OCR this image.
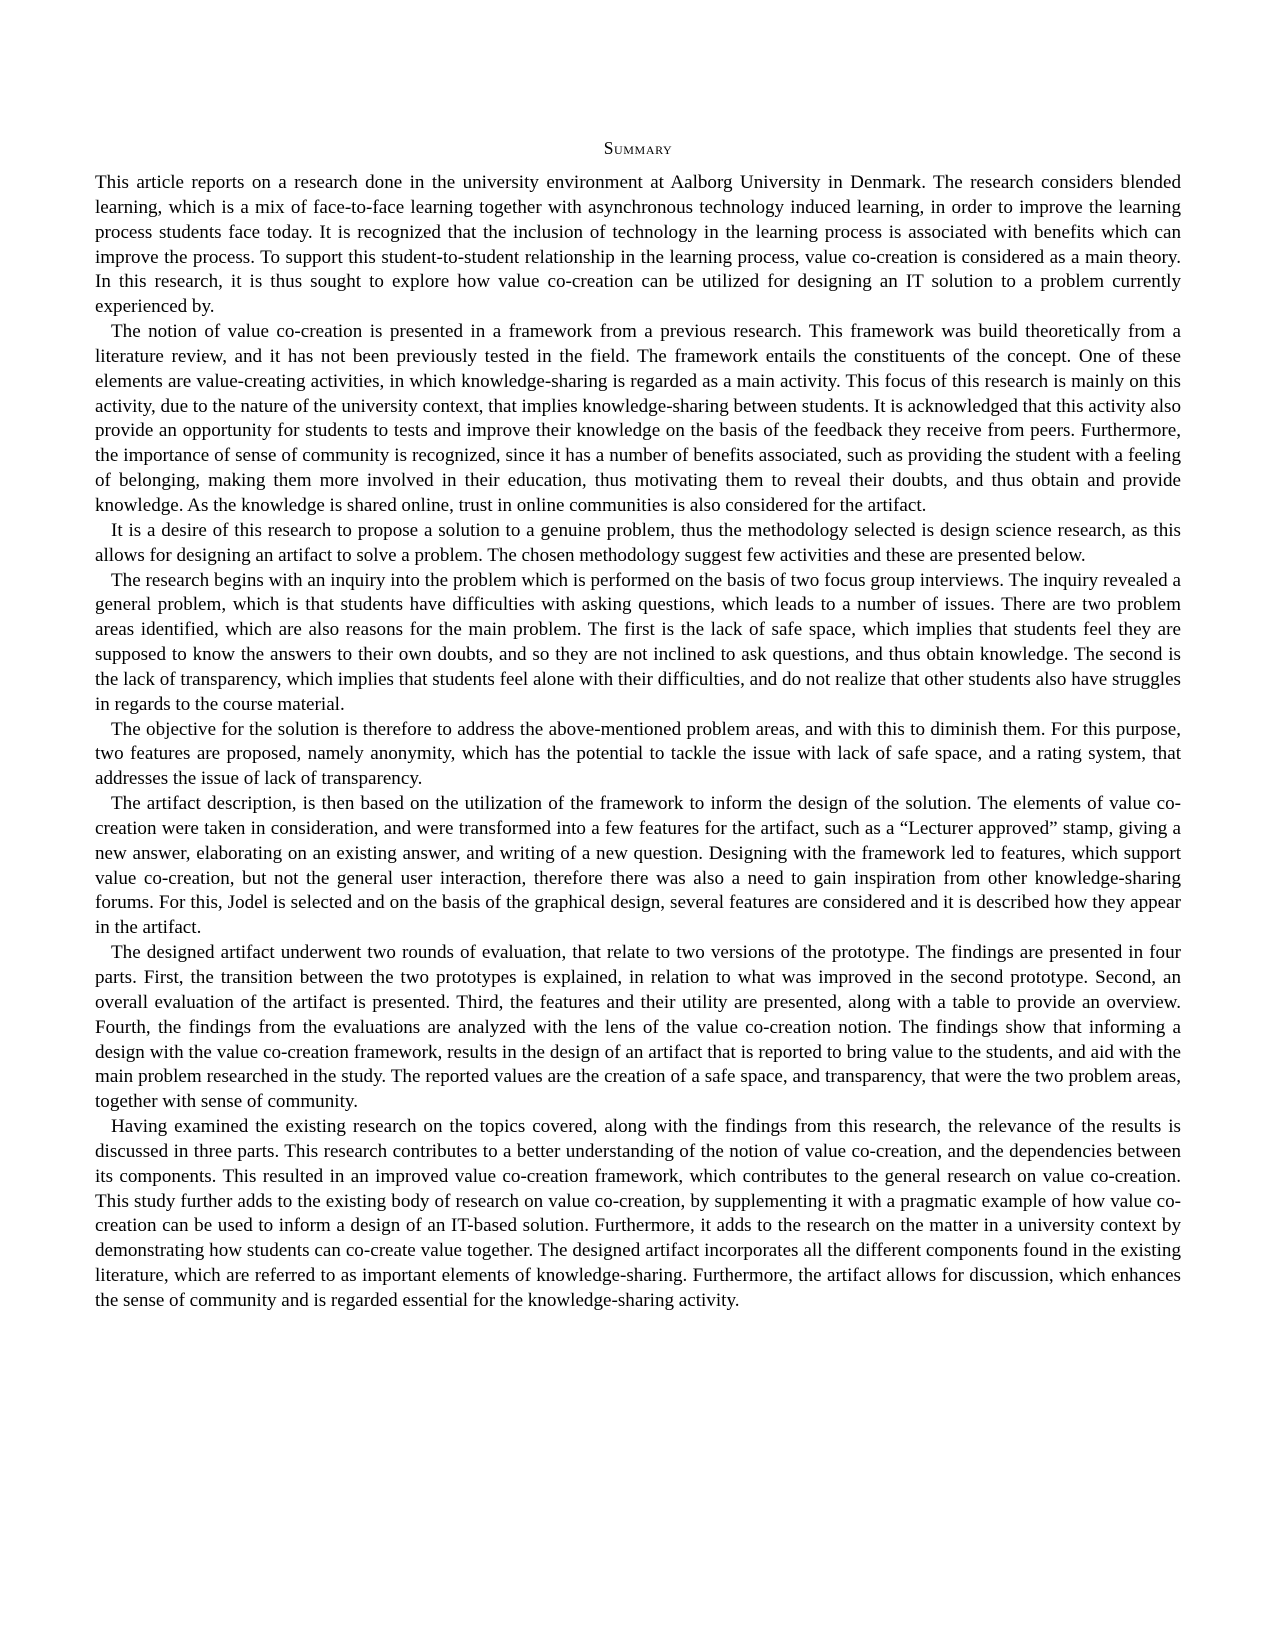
Summary

This article reports on a research done in the university environment at Aalborg University in Denmark. The research considers blended learning, which is a mix of face-to-face learning together with asynchronous technology induced learning, in order to improve the learning process students face today. It is recognized that the inclusion of technology in the learning process is associated with benefits which can improve the process. To support this student-to-student relationship in the learning process, value co-creation is considered as a main theory. In this research, it is thus sought to explore how value co-creation can be utilized for designing an IT solution to a problem currently experienced by.

The notion of value co-creation is presented in a framework from a previous research. This framework was build theoretically from a literature review, and it has not been previously tested in the field. The framework entails the constituents of the concept. One of these elements are value-creating activities, in which knowledge-sharing is regarded as a main activity. This focus of this research is mainly on this activity, due to the nature of the university context, that implies knowledge-sharing between students. It is acknowledged that this activity also provide an opportunity for students to tests and improve their knowledge on the basis of the feedback they receive from peers. Furthermore, the importance of sense of community is recognized, since it has a number of benefits associated, such as providing the student with a feeling of belonging, making them more involved in their education, thus motivating them to reveal their doubts, and thus obtain and provide knowledge. As the knowledge is shared online, trust in online communities is also considered for the artifact.

It is a desire of this research to propose a solution to a genuine problem, thus the methodology selected is design science research, as this allows for designing an artifact to solve a problem. The chosen methodology suggest few activities and these are presented below.

The research begins with an inquiry into the problem which is performed on the basis of two focus group interviews. The inquiry revealed a general problem, which is that students have difficulties with asking questions, which leads to a number of issues. There are two problem areas identified, which are also reasons for the main problem. The first is the lack of safe space, which implies that students feel they are supposed to know the answers to their own doubts, and so they are not inclined to ask questions, and thus obtain knowledge. The second is the lack of transparency, which implies that students feel alone with their difficulties, and do not realize that other students also have struggles in regards to the course material.

The objective for the solution is therefore to address the above-mentioned problem areas, and with this to diminish them. For this purpose, two features are proposed, namely anonymity, which has the potential to tackle the issue with lack of safe space, and a rating system, that addresses the issue of lack of transparency.

The artifact description, is then based on the utilization of the framework to inform the design of the solution. The elements of value co-creation were taken in consideration, and were transformed into a few features for the artifact, such as a “Lecturer approved” stamp, giving a new answer, elaborating on an existing answer, and writing of a new question. Designing with the framework led to features, which support value co-creation, but not the general user interaction, therefore there was also a need to gain inspiration from other knowledge-sharing forums. For this, Jodel is selected and on the basis of the graphical design, several features are considered and it is described how they appear in the artifact.

The designed artifact underwent two rounds of evaluation, that relate to two versions of the prototype. The findings are presented in four parts. First, the transition between the two prototypes is explained, in relation to what was improved in the second prototype. Second, an overall evaluation of the artifact is presented. Third, the features and their utility are presented, along with a table to provide an overview. Fourth, the findings from the evaluations are analyzed with the lens of the value co-creation notion. The findings show that informing a design with the value co-creation framework, results in the design of an artifact that is reported to bring value to the students, and aid with the main problem researched in the study. The reported values are the creation of a safe space, and transparency, that were the two problem areas, together with sense of community.

Having examined the existing research on the topics covered, along with the findings from this research, the relevance of the results is discussed in three parts. This research contributes to a better understanding of the notion of value co-creation, and the dependencies between its components. This resulted in an improved value co-creation framework, which contributes to the general research on value co-creation. This study further adds to the existing body of research on value co-creation, by supplementing it with a pragmatic example of how value co-creation can be used to inform a design of an IT-based solution. Furthermore, it adds to the research on the matter in a university context by demonstrating how students can co-create value together. The designed artifact incorporates all the different components found in the existing literature, which are referred to as important elements of knowledge-sharing. Furthermore, the artifact allows for discussion, which enhances the sense of community and is regarded essential for the knowledge-sharing activity.
